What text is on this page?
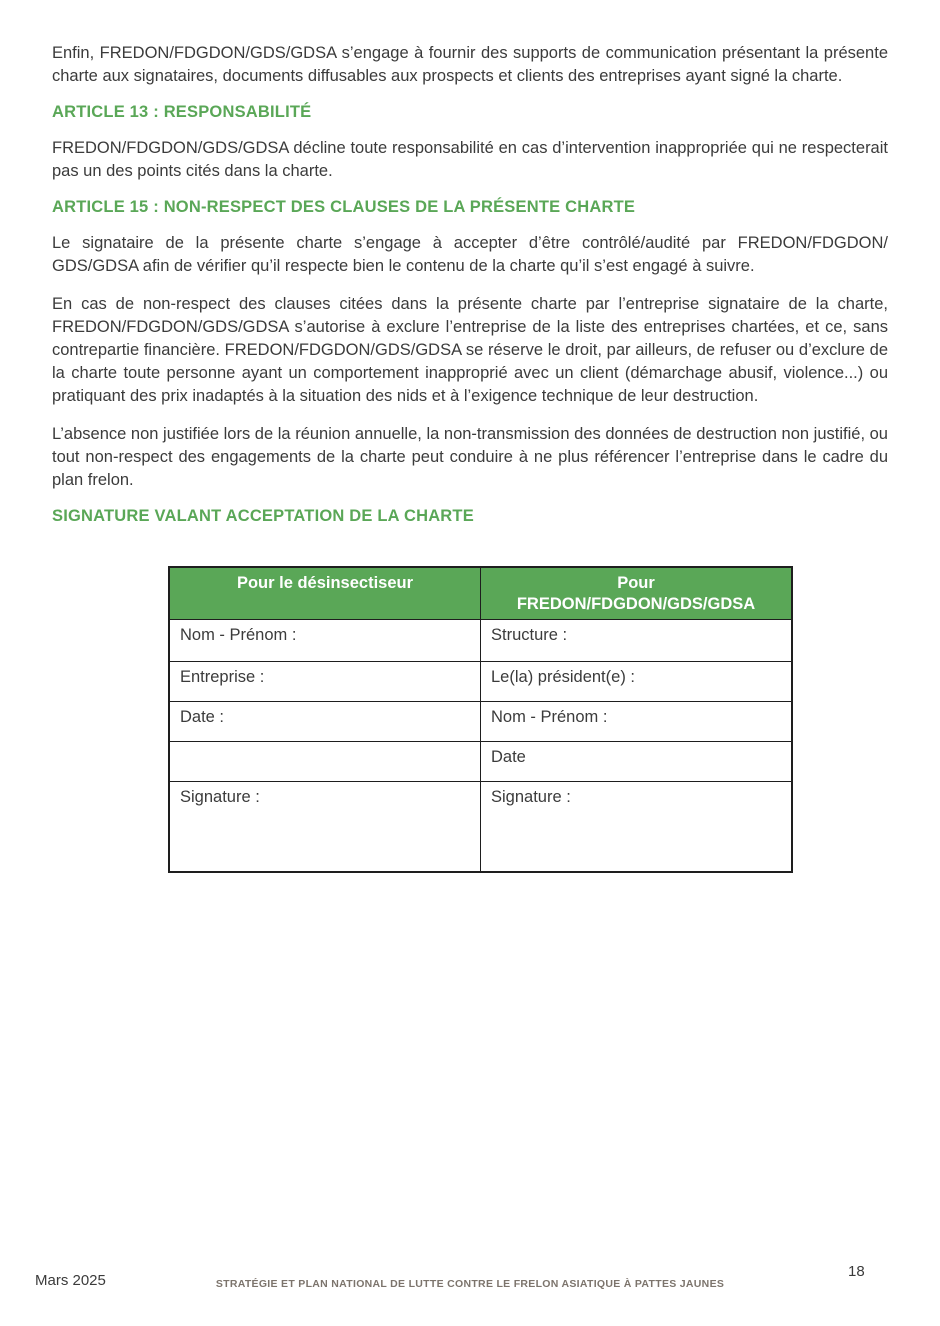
Enfin, FREDON/FDGDON/GDS/GDSA s’engage à fournir des supports de communication présentant la présente charte aux signataires, documents diffusables aux prospects et clients des entreprises ayant signé la charte.

ARTICLE 13 : RESPONSABILITÉ

FREDON/FDGDON/GDS/GDSA décline toute responsabilité en cas d’intervention inappropriée qui ne respecterait pas un des points cités dans la charte.

ARTICLE 15 : NON-RESPECT DES CLAUSES DE LA PRÉSENTE CHARTE

Le signataire de la présente charte s’engage à accepter d’être contrôlé/audité par FREDON/FDGDON/ GDS/GDSA afin de vérifier qu’il respecte bien le contenu de la charte qu’il s’est engagé à suivre.

En cas de non-respect des clauses citées dans la présente charte par l’entreprise signataire de la charte, FREDON/FDGDON/GDS/GDSA s’autorise à exclure l’entreprise de la liste des entreprises chartées, et ce, sans contrepartie financière. FREDON/FDGDON/GDS/GDSA se réserve le droit, par ailleurs, de refuser ou d’exclure de la charte toute personne ayant un comportement inapproprié avec un client (démarchage abusif, violence...) ou pratiquant des prix inadaptés à la situation des nids et à l’exigence technique de leur destruction.

L’absence non justifiée lors de la réunion annuelle, la non-transmission des données de destruction non justifié, ou tout non-respect des engagements de la charte peut conduire à ne plus référencer l’entreprise dans le cadre du plan frelon.

SIGNATURE VALANT ACCEPTATION DE LA CHARTE
Pour le désinsectiseur	Pour FREDON/FDGDON/GDS/GDSA
Nom - Prénom :	Structure :
Entreprise :	Le(la) président(e) :
Date :	Nom - Prénom :
	Date
Signature :	Signature :
Mars 2025	STRATÉGIE ET PLAN NATIONAL DE LUTTE CONTRE LE FRELON ASIATIQUE À PATTES JAUNES
18
